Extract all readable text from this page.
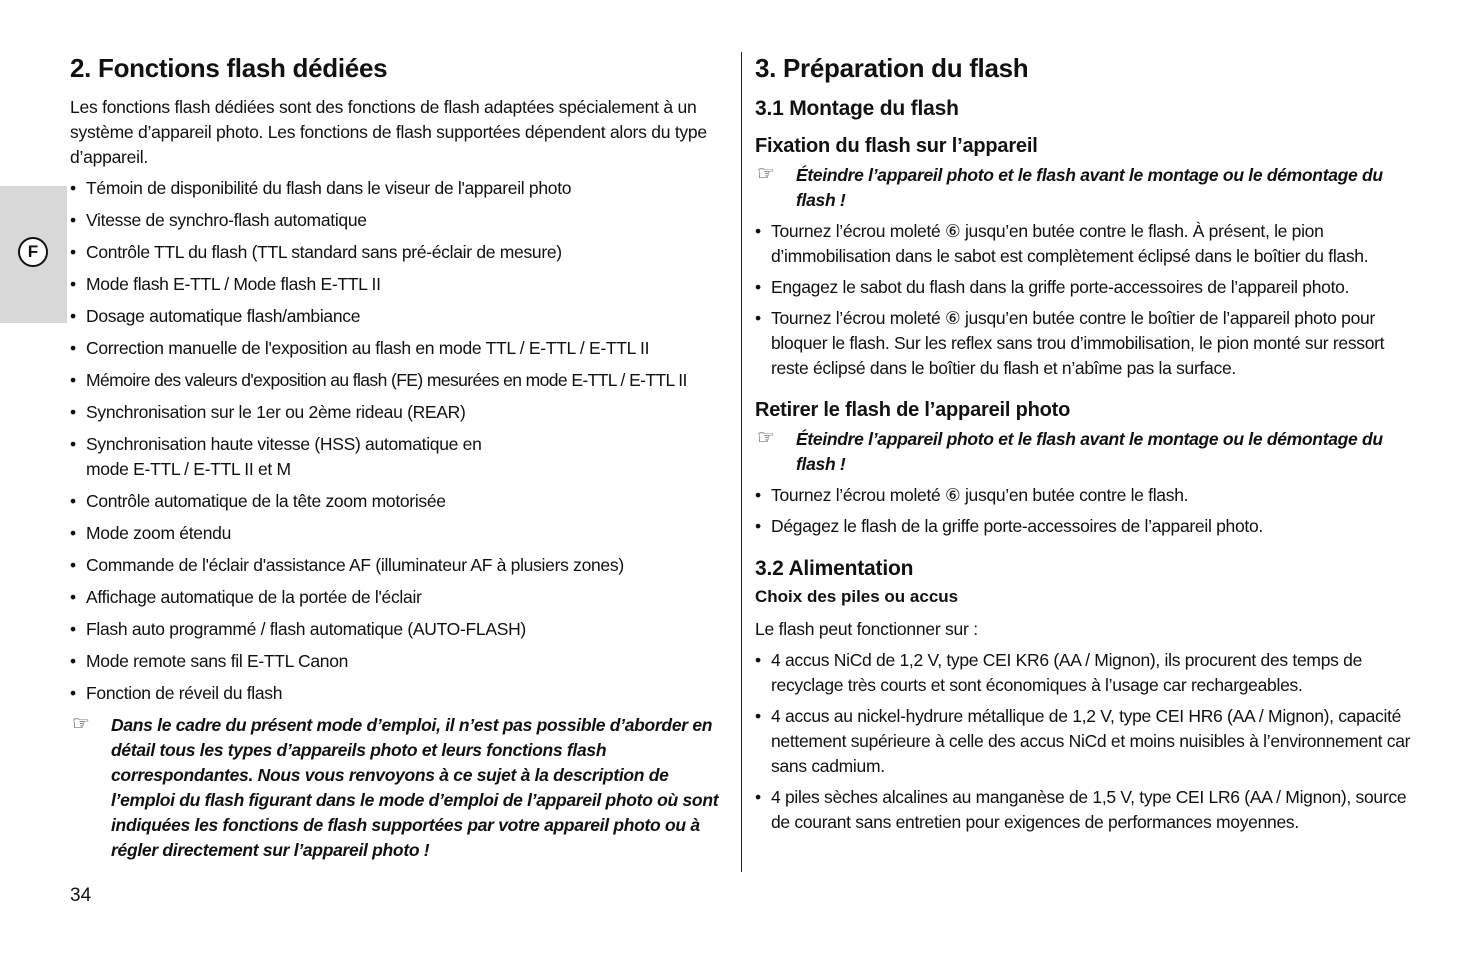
F
2. Fonctions flash dédiées

Les fonctions flash dédiées sont des fonctions de flash adaptées spécialement à un système d’appareil photo. Les fonctions de flash supportées dépendent alors du type d’appareil.

• Témoin de disponibilité du flash dans le viseur de l'appareil photo
• Vitesse de synchro-flash automatique
• Contrôle TTL du flash (TTL standard sans pré-éclair de mesure)
• Mode flash E-TTL / Mode flash E-TTL II
• Dosage automatique flash/ambiance
• Correction manuelle de l'exposition au flash en mode TTL / E-TTL / E-TTL II
• Mémoire des valeurs d'exposition au flash (FE) mesurées en mode E-TTL / E-TTL II
• Synchronisation sur le 1er ou 2ème rideau (REAR)
• Synchronisation haute vitesse (HSS) automatique en mode E-TTL / E-TTL II et M
• Contrôle automatique de la tête zoom motorisée
• Mode zoom étendu
• Commande de l'éclair d'assistance AF (illuminateur AF à plusiers zones)
• Affichage automatique de la portée de l'éclair
• Flash auto programmé / flash automatique (AUTO-FLASH)
• Mode remote sans fil E-TTL Canon
• Fonction de réveil du flash
☞ Dans le cadre du présent mode d’emploi, il n’est pas possible d’aborder en détail tous les types d’appareils photo et leurs fonctions flash correspondantes. Nous vous renvoyons à ce sujet à la description de l’emploi du flash figurant dans le mode d’emploi de l’appareil photo où sont indiquées les fonctions de flash supportées par votre appareil photo ou à régler directement sur l’appareil photo !
3. Préparation du flash
3.1 Montage du flash
Fixation du flash sur l’appareil
☞ Éteindre l’appareil photo et le flash avant le montage ou le démontage du flash !
• Tournez l’écrou moleté ⑥ jusqu’en butée contre le flash. À présent, le pion d’immobilisation dans le sabot est complètement éclipsé dans le boîtier du flash.
• Engagez le sabot du flash dans la griffe porte-accessoires de l’appareil photo.
• Tournez l’écrou moleté ⑥ jusqu’en butée contre le boîtier de l’appareil photo pour bloquer le flash. Sur les reflex sans trou d’immobilisation, le pion monté sur ressort reste éclipsé dans le boîtier du flash et n’abîme pas la surface.
Retirer le flash de l’appareil photo
☞ Éteindre l’appareil photo et le flash avant le montage ou le démontage du flash !
• Tournez l’écrou moleté ⑥ jusqu’en butée contre le flash.
• Dégagez le flash de la griffe porte-accessoires de l’appareil photo.
3.2 Alimentation
Choix des piles ou accus

Le flash peut fonctionner sur :

• 4 accus NiCd de 1,2 V, type CEI KR6 (AA / Mignon), ils procurent des temps de recyclage très courts et sont économiques à l’usage car rechargeables.
• 4 accus au nickel-hydrure métallique de 1,2 V, type CEI HR6 (AA / Mignon), capacité nettement supérieure à celle des accus NiCd et moins nuisibles à l’environnement car sans cadmium.
• 4 piles sèches alcalines au manganèse de 1,5 V, type CEI LR6 (AA / Mignon), source de courant sans entretien pour exigences de performances moyennes.
34
